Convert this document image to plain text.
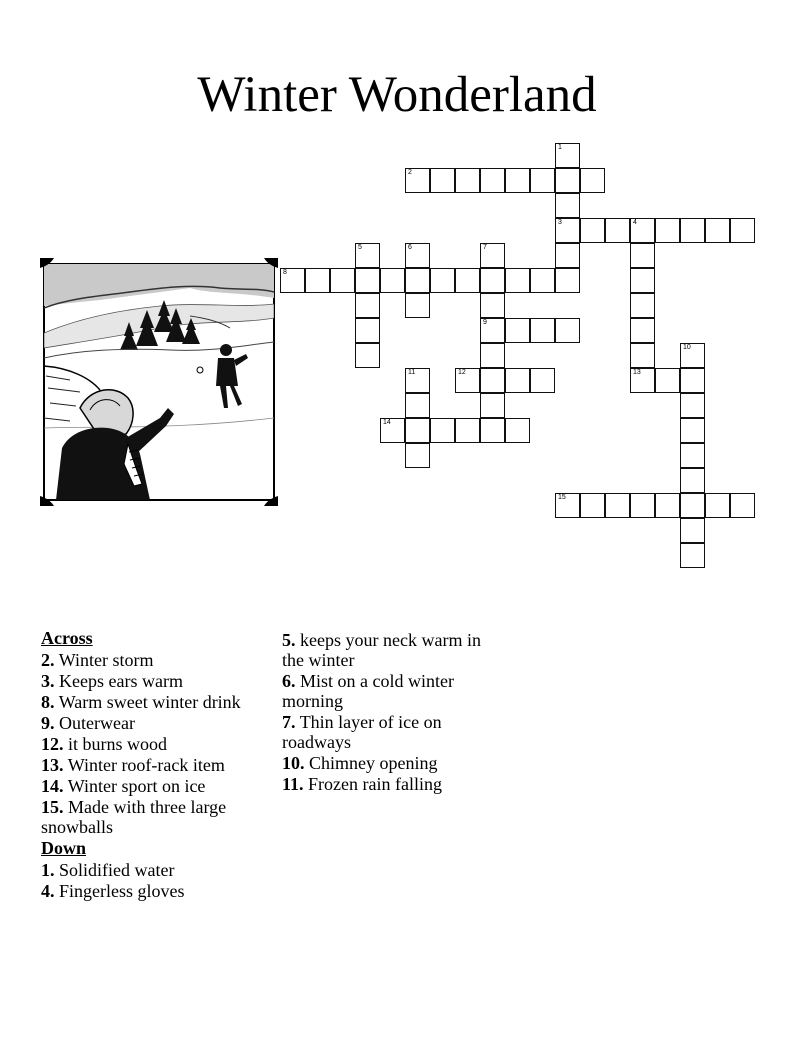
Winter Wonderland
2
3	4
8
9
12	13
14
15
1
5	6	7
10
11
Across
2. Winter storm
3. Keeps ears warm
8. Warm sweet winter drink
9. Outerwear
12. it burns wood
13. Winter roof-rack item
14. Winter sport on ice
15. Made with three large snowballs
Down
1. Solidified water
4. Fingerless gloves
5. keeps your neck warm in the winter
6. Mist on a cold winter morning
7. Thin layer of ice on roadways
10. Chimney opening
11. Frozen rain falling
